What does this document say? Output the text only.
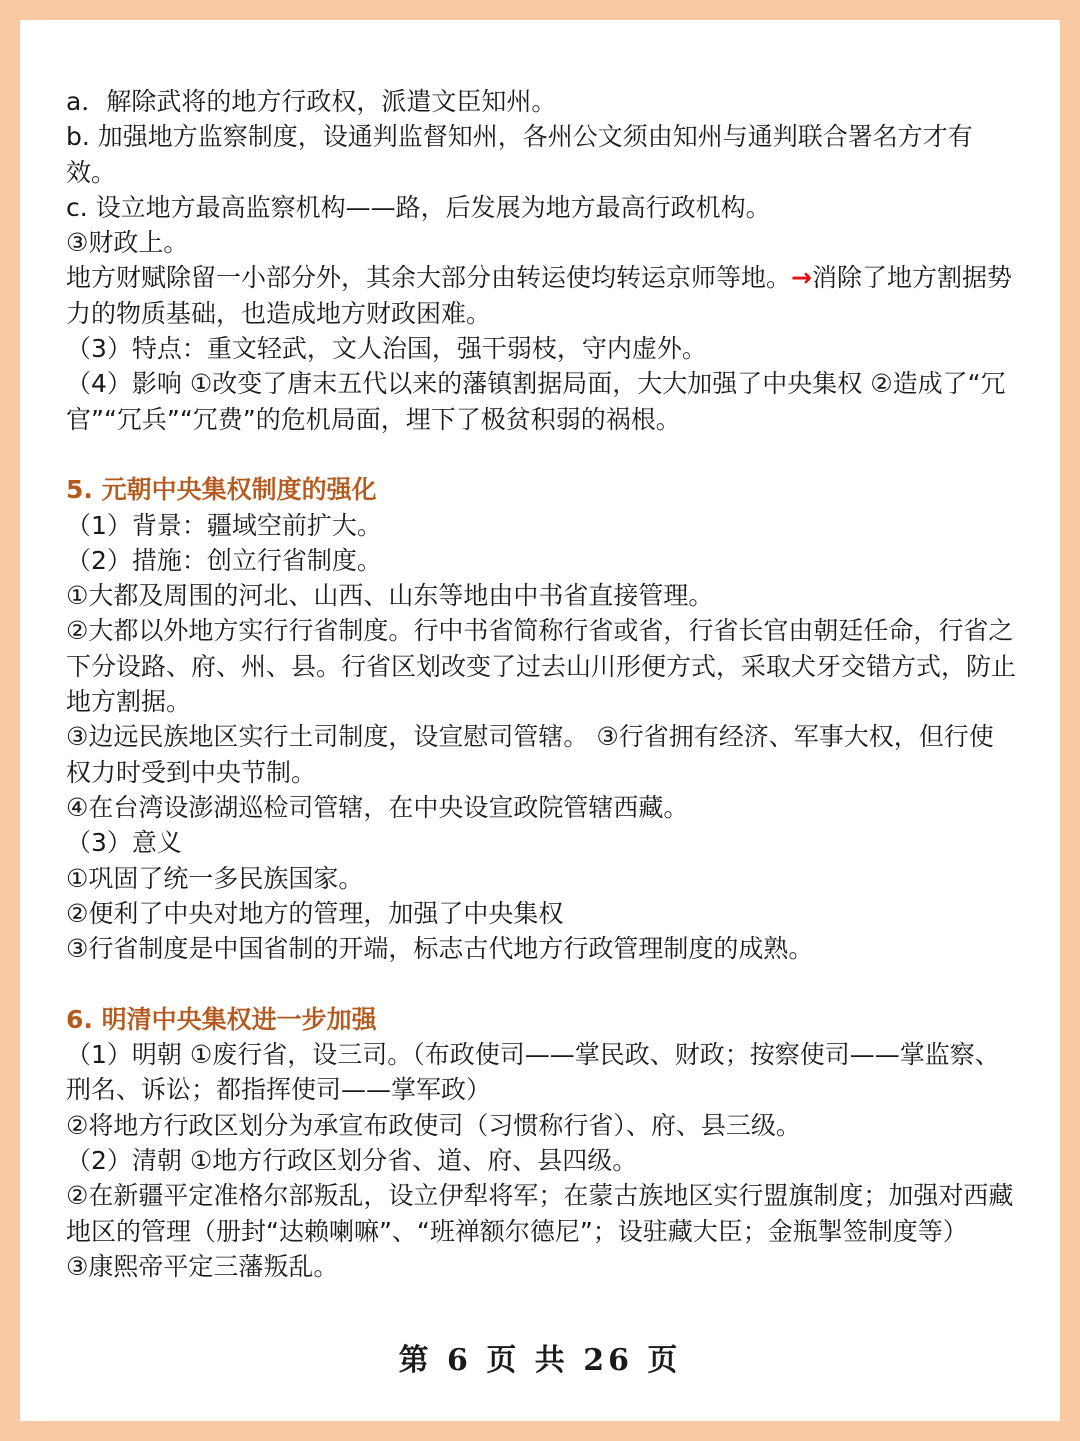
a．解除武将的地方行政权，派遣文臣知州。

b. 加强地方监察制度，设通判监督知州，各州公文须由知州与通判联合署名方才有效。

c. 设立地方最高监察机构——路，后发展为地方最高行政机构。

③财政上。

地方财赋除留一小部分外，其余大部分由转运使均转运京师等地。→消除了地方割据势力的物质基础，也造成地方财政困难。

（3）特点：重文轻武，文人治国，强干弱枝，守内虚外。

（4）影响 ①改变了唐末五代以来的藩镇割据局面，大大加强了中央集权 ②造成了“冗官”“冗兵”“冗费”的危机局面，埋下了极贫积弱的祸根。

5. 元朝中央集权制度的强化

（1）背景：疆域空前扩大。

（2）措施：创立行省制度。

①大都及周围的河北、山西、山东等地由中书省直接管理。

②大都以外地方实行行省制度。行中书省简称行省或省，行省长官由朝廷任命，行省之下分设路、府、州、县。行省区划改变了过去山川形便方式，采取犬牙交错方式，防止地方割据。

③边远民族地区实行土司制度，设宣慰司管辖。 ③行省拥有经济、军事大权，但行使权力时受到中央节制。

④在台湾设澎湖巡检司管辖，在中央设宣政院管辖西藏。

（3）意义

①巩固了统一多民族国家。

②便利了中央对地方的管理，加强了中央集权

③行省制度是中国省制的开端，标志古代地方行政管理制度的成熟。

6. 明清中央集权进一步加强

（1）明朝 ①废行省，设三司。（布政使司——掌民政、财政；按察使司——掌监察、刑名、诉讼；都指挥使司——掌军政）

②将地方行政区划分为承宣布政使司（习惯称行省）、府、县三级。

（2）清朝 ①地方行政区划分省、道、府、县四级。

②在新疆平定准格尔部叛乱，设立伊犁将军；在蒙古族地区实行盟旗制度；加强对西藏地区的管理（册封“达赖喇嘛”、“班禅额尔德尼”；设驻藏大臣；金瓶掣签制度等）

③康熙帝平定三藩叛乱。

第 6 页 共 26 页
